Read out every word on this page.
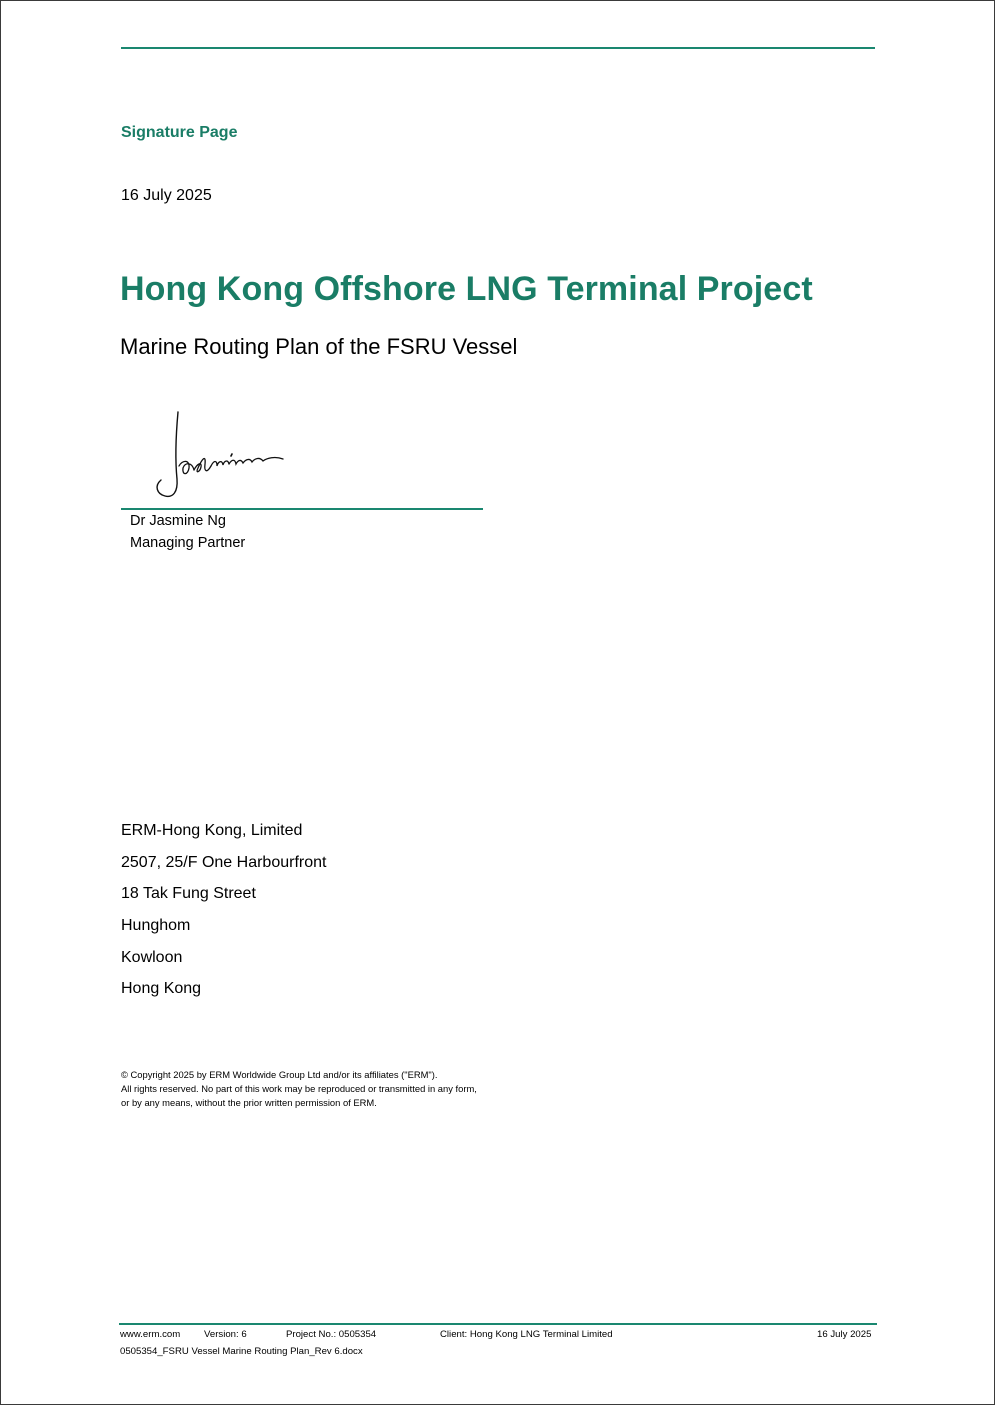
Signature Page
16 July 2025
Hong Kong Offshore LNG Terminal Project
Marine Routing Plan of the FSRU Vessel
Dr Jasmine Ng
Managing Partner
ERM-Hong Kong, Limited
2507, 25/F One Harbourfront
18 Tak Fung Street
Hunghom
Kowloon
Hong Kong
© Copyright 2025 by ERM Worldwide Group Ltd and/or its affiliates ("ERM").
All rights reserved. No part of this work may be reproduced or transmitted in any form,
or by any means, without the prior written permission of ERM.
www.erm.com Version: 6	Project No.: 0505354	Client: Hong Kong LNG Terminal Limited	16 July 2025
0505354_FSRU Vessel Marine Routing Plan_Rev 6.docx
